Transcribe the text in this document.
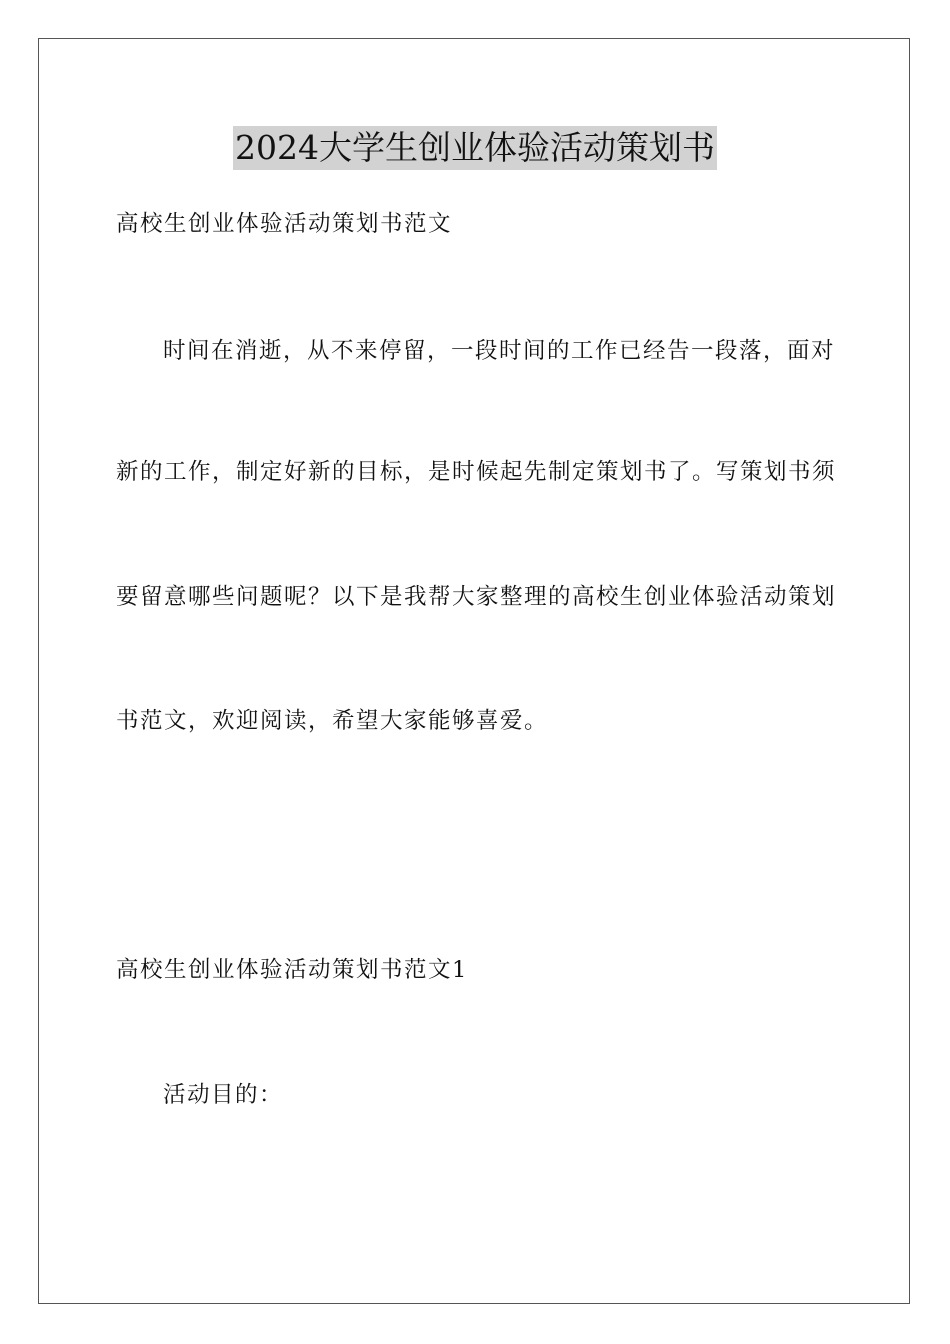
2024大学生创业体验活动策划书
高校生创业体验活动策划书范文
时间在消逝，从不来停留，一段时间的工作已经告一段落，面对
新的工作，制定好新的目标，是时候起先制定策划书了。写策划书须
要留意哪些问题呢？以下是我帮大家整理的高校生创业体验活动策划
书范文，欢迎阅读，希望大家能够喜爱。
高校生创业体验活动策划书范文1
活动目的：
